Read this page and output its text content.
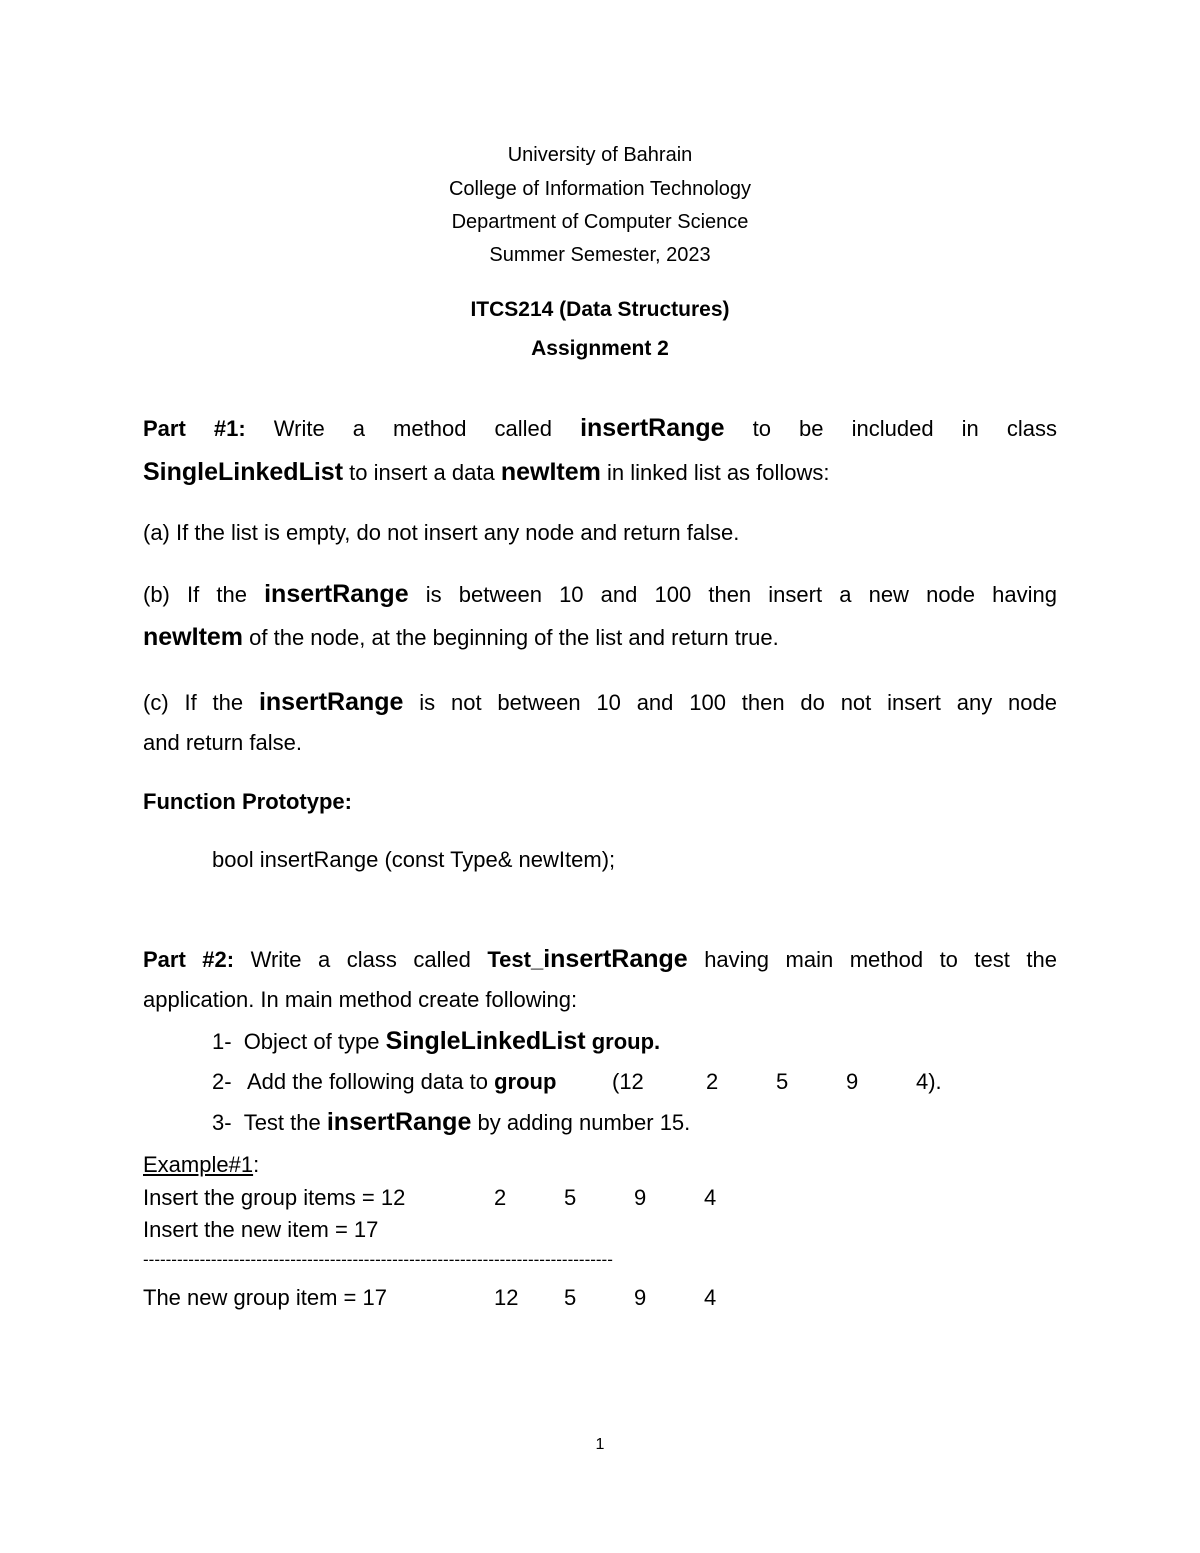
University of Bahrain
College of Information Technology
Department of Computer Science
Summer Semester, 2023
ITCS214 (Data Structures)
Assignment 2
Part #1: Write a method called insertRange to be included in class
SingleLinkedList to insert a data newItem in linked list as follows:
(a) If the list is empty, do not insert any node and return false.
(b) If the insertRange is between 10 and 100 then insert a new node having
newItem of the node, at the beginning of the list and return true.
(c) If the insertRange is not between 10 and 100 then do not insert any node
and return false.
Function Prototype:
bool insertRange (const Type& newItem);
Part #2: Write a class called Test_insertRange having main method to test the
application. In main method create following:
1- Object of type SingleLinkedList group.
2- Add the following data to group	(12	2	5	9	4).
3- Test the insertRange by adding number 15.
Example#1:
Insert the group items = 12	2	5	9	4
Insert the new item = 17
-----------------------------------------------------------------------------------
The new group item = 17	12 5	9	4
1
